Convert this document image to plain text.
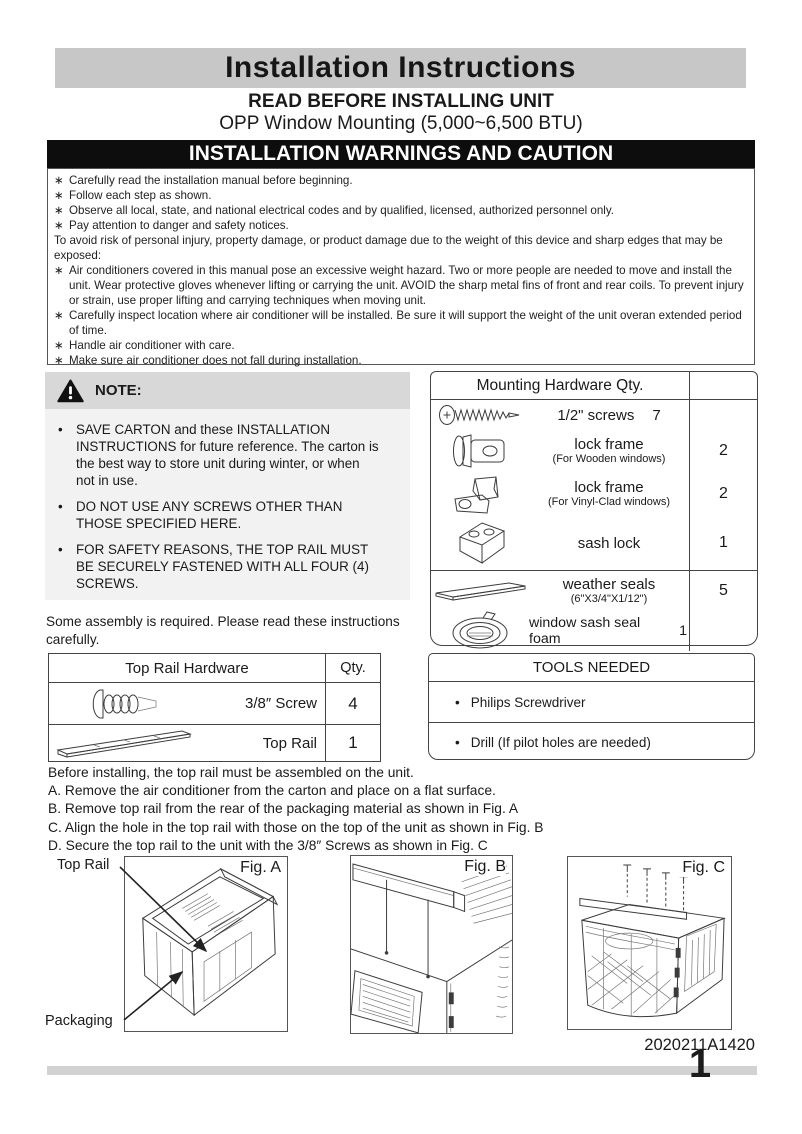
Installation Instructions
READ BEFORE INSTALLING UNIT
OPP Window Mounting (5,000~6,500 BTU)
INSTALLATION WARNINGS AND CAUTION
∗ Carefully read the installation manual before beginning.
∗ Follow each step as shown.
∗ Observe all local, state, and national electrical codes and by qualified, licensed, authorized personnel only.
∗ Pay attention to danger and safety notices.
To avoid risk of personal injury, property damage, or product damage due to the weight of this device and sharp edges that may be exposed:
∗ Air conditioners covered in this manual pose an excessive weight hazard. Two or more people are needed to move and install the unit. Wear protective gloves whenever lifting or carrying the unit. AVOID the sharp metal fins of front and rear coils. To prevent injury or strain, use proper lifting and carrying techniques when moving unit.
∗ Carefully inspect location where air conditioner will be installed. Be sure it will support the weight of the unit overan extended period of time.
∗ Handle air conditioner with care.
∗ Make sure air conditioner does not fall during installation.
NOTE:
• SAVE CARTON and these INSTALLATION INSTRUCTIONS for future reference. The carton is the best way to store unit during winter, or when not in use.
• DO NOT USE ANY SCREWS OTHER THAN THOSE SPECIFIED HERE.
• FOR SAFETY REASONS, THE TOP RAIL MUST BE SECURELY FASTENED WITH ALL FOUR (4) SCREWS.
Mounting Hardware Qty.
1/2" screws 7
lock frame
(For Wooden windows)
2
lock frame
(For Vinyl-Clad windows)
2
sash lock	1
weather seals
(6"X3/4"X1/12")
5
window sash seal foam	1
Some assembly is required. Please read these instructions carefully.
Top Rail Hardware	Qty.
3/8″ Screw	4
Top Rail	1
TOOLS NEEDED
• Philips Screwdriver
• Drill (If pilot holes are needed)
Before installing, the top rail must be assembled on the unit.
A. Remove the air conditioner from the carton and place on a flat surface.
B. Remove top rail from the rear of the packaging material as shown in Fig. A
C. Align the hole in the top rail with those on the top of the unit as shown in Fig. B
D. Secure the top rail to the unit with the 3/8″ Screws as shown in Fig. C
Top Rail
Packaging
Fig. A	Fig. B	Fig. C
2020211A1420
1
